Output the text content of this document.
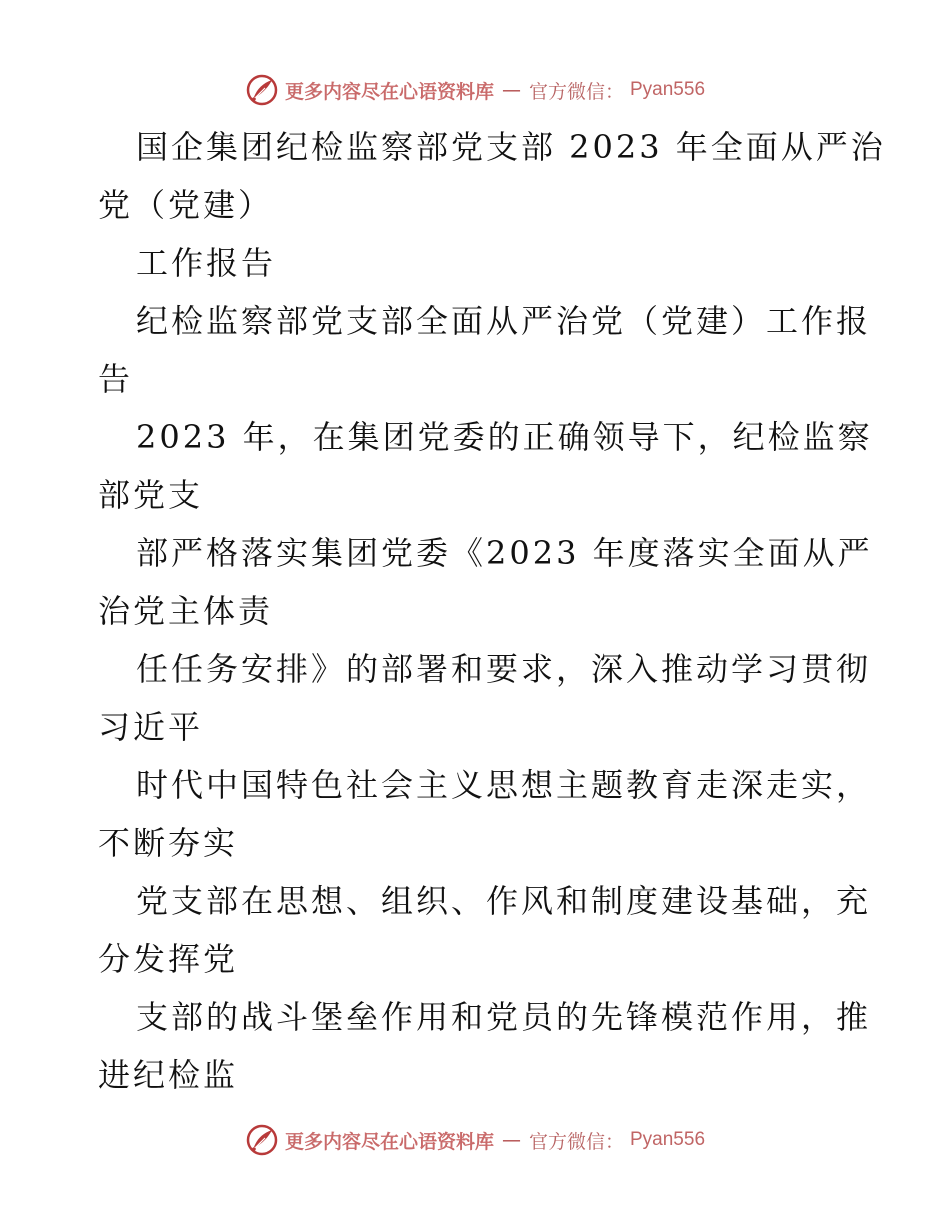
更多内容尽在心语资料库 — 官方微信： Pyan556
国企集团纪检监察部党支部 2023 年全面从严治
党（党建）
工作报告
纪检监察部党支部全面从严治党（党建）工作报
告
2023 年，在集团党委的正确领导下，纪检监察
部党支
部严格落实集团党委《2023 年度落实全面从严
治党主体责
任任务安排》的部署和要求，深入推动学习贯彻
习近平
时代中国特色社会主义思想主题教育走深走实，
不断夯实
党支部在思想、组织、作风和制度建设基础，充
分发挥党
支部的战斗堡垒作用和党员的先锋模范作用，推
进纪检监
更多内容尽在心语资料库 — 官方微信： Pyan556
